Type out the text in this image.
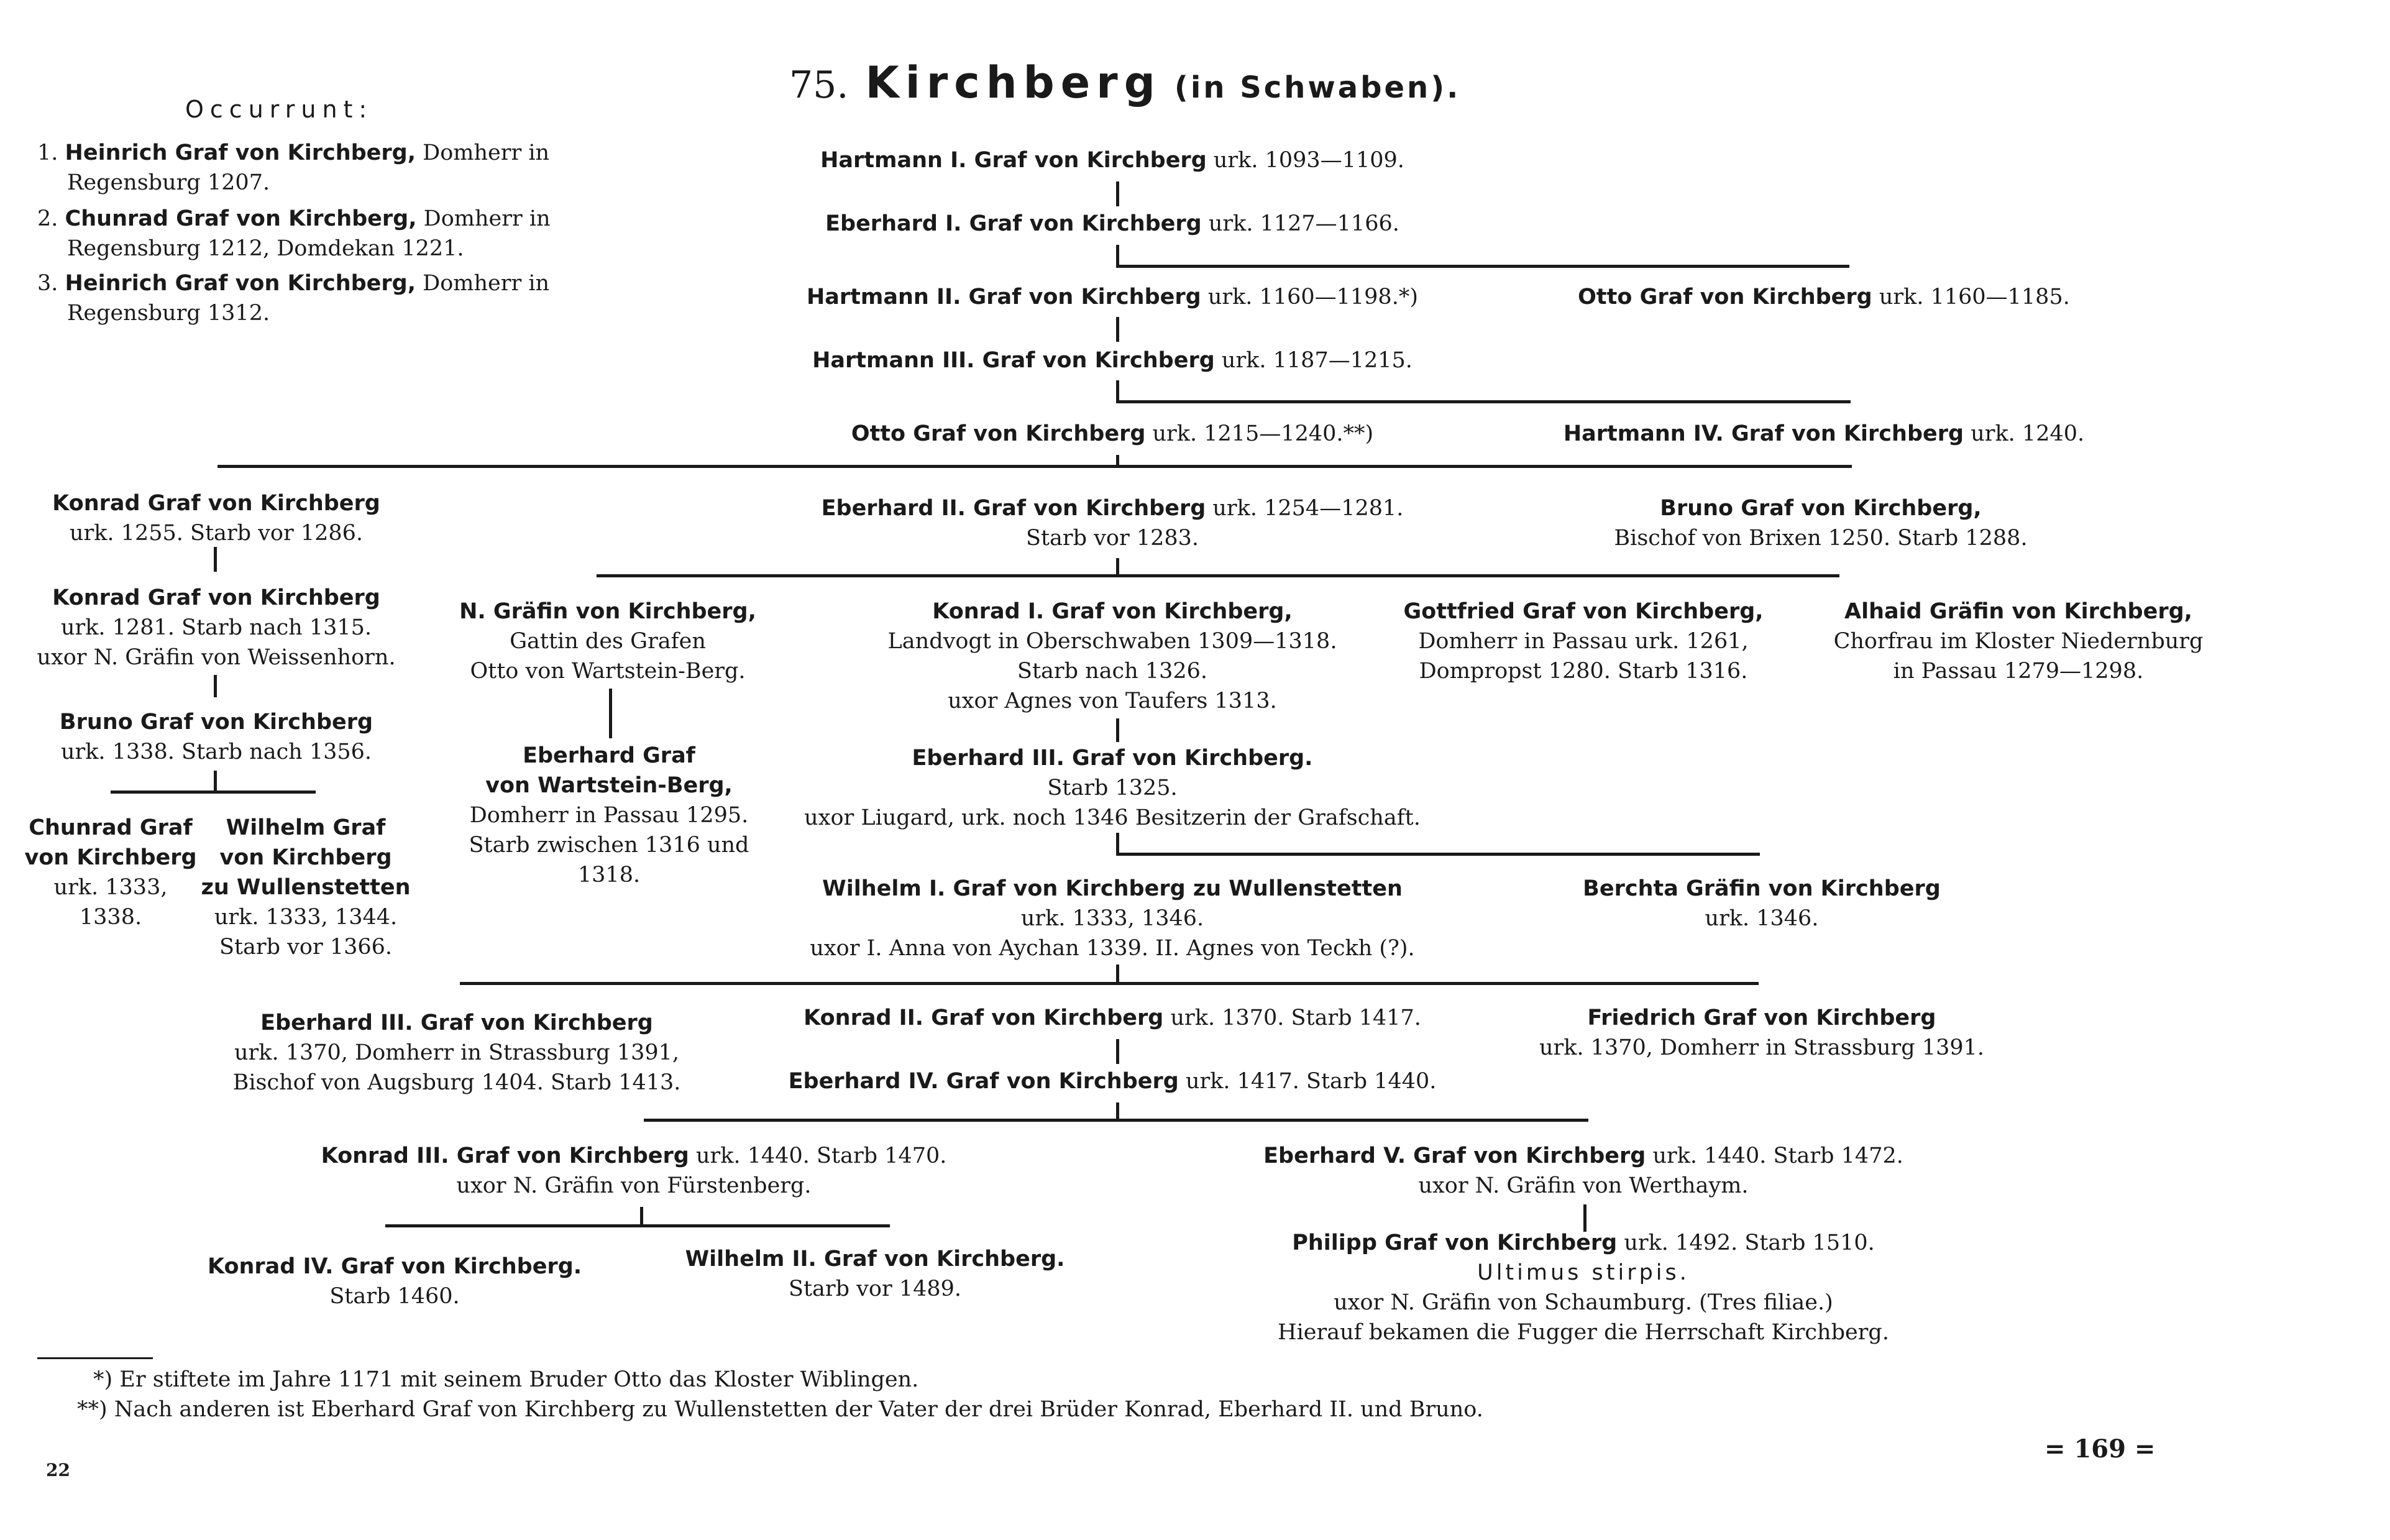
75. Kirchberg (in Schwaben).
Occurrunt:
1. Heinrich Graf von Kirchberg, Domherr in
Regensburg 1207.
2. Chunrad Graf von Kirchberg, Domherr in
Regensburg 1212, Domdekan 1221.
3. Heinrich Graf von Kirchberg, Domherr in
Regensburg 1312.
Hartmann I. Graf von Kirchberg urk. 1093—1109.
Eberhard I. Graf von Kirchberg urk. 1127—1166.
Hartmann II. Graf von Kirchberg urk. 1160—1198.*)	Otto Graf von Kirchberg urk. 1160—1185.
Hartmann III. Graf von Kirchberg urk. 1187—1215.
Otto Graf von Kirchberg urk. 1215—1240.**)	Hartmann IV. Graf von Kirchberg urk. 1240.
Konrad Graf von Kirchberg
urk. 1255. Starb vor 1286.
Eberhard II. Graf von Kirchberg urk. 1254—1281.
Starb vor 1283.
Bruno Graf von Kirchberg,
Bischof von Brixen 1250. Starb 1288.
Konrad Graf von Kirchberg
urk. 1281. Starb nach 1315.
uxor N. Gräfin von Weissenhorn.
Bruno Graf von Kirchberg
urk. 1338. Starb nach 1356.
Chunrad Graf
von Kirchberg
urk. 1333,
1338.
Wilhelm Graf
von Kirchberg
zu Wullenstetten
urk. 1333, 1344.
Starb vor 1366.
N. Gräfin von Kirchberg,
Gattin des Grafen
Otto von Wartstein-Berg.
Eberhard Graf
von Wartstein-Berg,
Domherr in Passau 1295.
Starb zwischen 1316 und
1318.
Konrad I. Graf von Kirchberg,
Landvogt in Oberschwaben 1309—1318.
Starb nach 1326.
uxor Agnes von Taufers 1313.
Gottfried Graf von Kirchberg,
Domherr in Passau urk. 1261,
Dompropst 1280. Starb 1316.
Alhaid Gräfin von Kirchberg,
Chorfrau im Kloster Niedernburg
in Passau 1279—1298.
Eberhard III. Graf von Kirchberg.
Starb 1325.
uxor Liugard, urk. noch 1346 Besitzerin der Grafschaft.
Wilhelm I. Graf von Kirchberg zu Wullenstetten
urk. 1333, 1346.
uxor I. Anna von Aychan 1339. II. Agnes von Teckh (?).
Berchta Gräfin von Kirchberg
urk. 1346.
Eberhard III. Graf von Kirchberg
urk. 1370, Domherr in Strassburg 1391,
Bischof von Augsburg 1404. Starb 1413.
Konrad II. Graf von Kirchberg urk. 1370. Starb 1417.	Friedrich Graf von Kirchberg
urk. 1370, Domherr in Strassburg 1391.
Eberhard IV. Graf von Kirchberg urk. 1417. Starb 1440.
Konrad III. Graf von Kirchberg urk. 1440. Starb 1470.
uxor N. Gräfin von Fürstenberg.
Eberhard V. Graf von Kirchberg urk. 1440. Starb 1472.
uxor N. Gräfin von Werthaym.
Konrad IV. Graf von Kirchberg.
Starb 1460.
Wilhelm II. Graf von Kirchberg.
Starb vor 1489.
Philipp Graf von Kirchberg urk. 1492. Starb 1510.
Ultimus stirpis.
uxor N. Gräfin von Schaumburg. (Tres filiae.)
Hierauf bekamen die Fugger die Herrschaft Kirchberg.
*) Er stiftete im Jahre 1171 mit seinem Bruder Otto das Kloster Wiblingen.
**) Nach anderen ist Eberhard Graf von Kirchberg zu Wullenstetten der Vater der drei Brüder Konrad, Eberhard II. und Bruno.
= 169 =
22
